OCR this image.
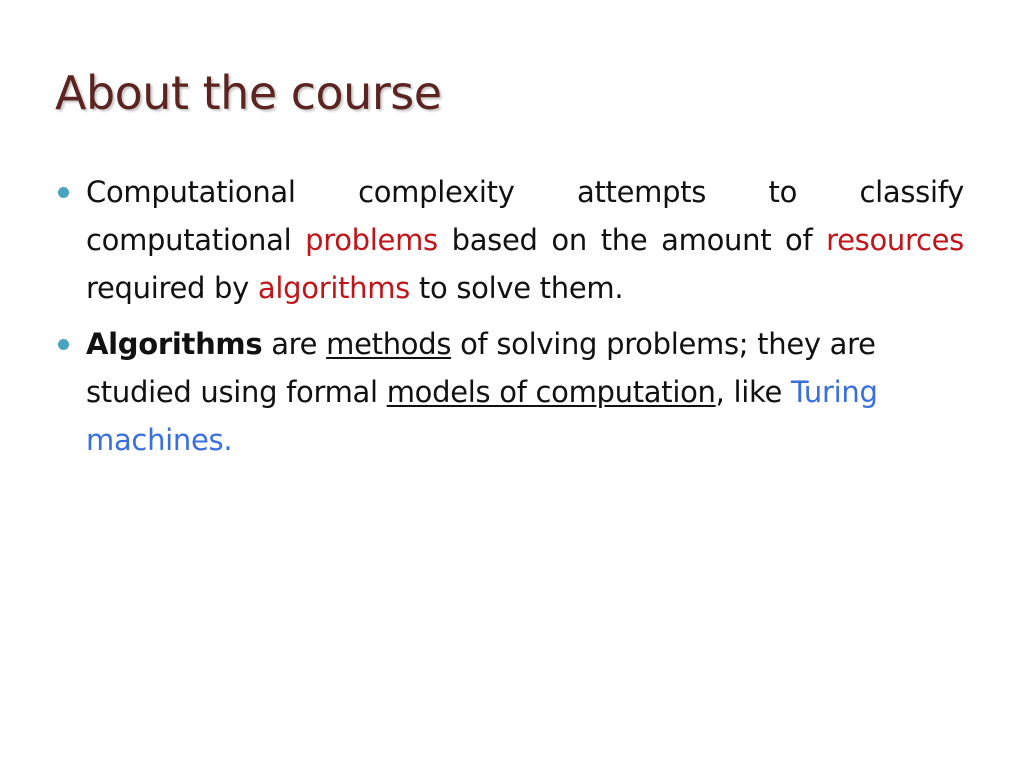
About the course
Computational complexity attempts to classify computational problems based on the amount of resources required by algorithms to solve them.
Algorithms are methods of solving problems; they are studied using formal models of computation, like Turing machines.
